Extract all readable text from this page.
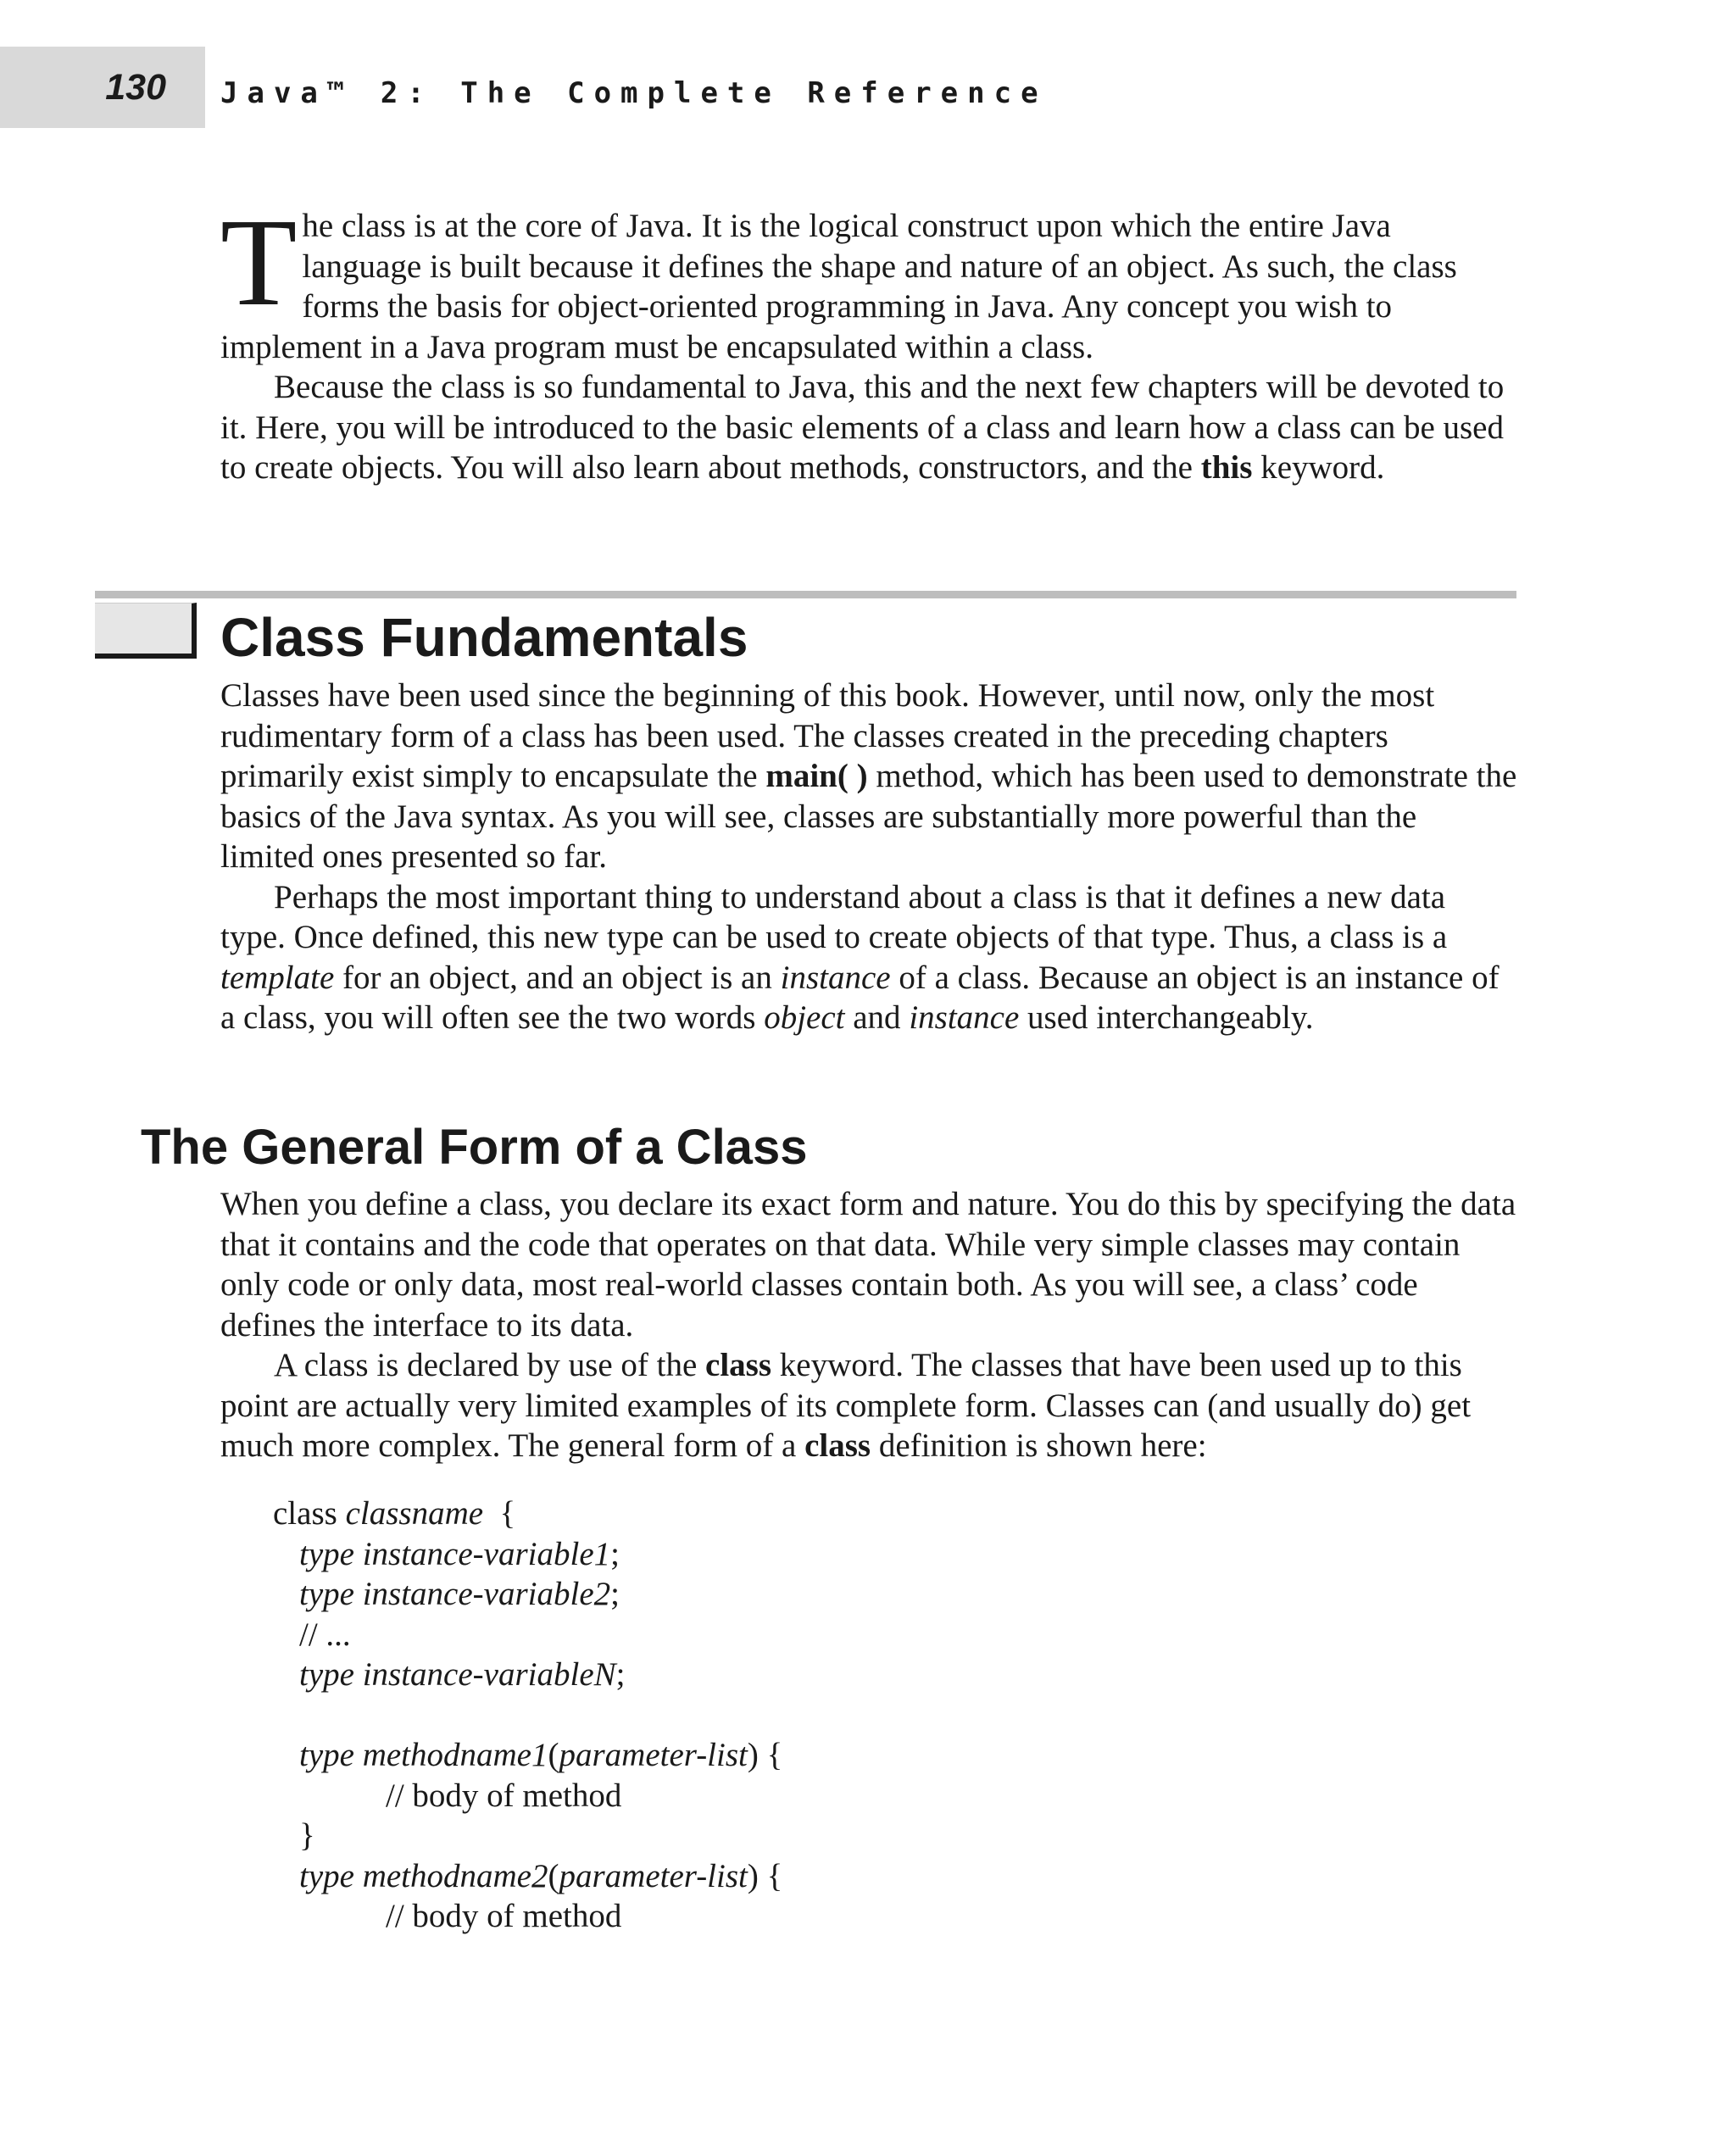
130 Java™ 2: The Complete Reference

The class is at the core of Java. It is the logical construct upon which the entire Java language is built because it defines the shape and nature of an object. As such, the class forms the basis for object-oriented programming in Java. Any concept you wish to implement in a Java program must be encapsulated within a class.

Because the class is so fundamental to Java, this and the next few chapters will be devoted to it. Here, you will be introduced to the basic elements of a class and learn how a class can be used to create objects. You will also learn about methods, constructors, and the this keyword.

Class Fundamentals

Classes have been used since the beginning of this book. However, until now, only the most rudimentary form of a class has been used. The classes created in the preceding chapters primarily exist simply to encapsulate the main( ) method, which has been used to demonstrate the basics of the Java syntax. As you will see, classes are substantially more powerful than the limited ones presented so far.

Perhaps the most important thing to understand about a class is that it defines a new data type. Once defined, this new type can be used to create objects of that type. Thus, a class is a template for an object, and an object is an instance of a class. Because an object is an instance of a class, you will often see the two words object and instance used interchangeably.

The General Form of a Class

When you define a class, you declare its exact form and nature. You do this by specifying the data that it contains and the code that operates on that data. While very simple classes may contain only code or only data, most real-world classes contain both. As you will see, a class’ code defines the interface to its data.

A class is declared by use of the class keyword. The classes that have been used up to this point are actually very limited examples of its complete form. Classes can (and usually do) get much more complex. The general form of a class definition is shown here:

class classname  {
type instance-variable1;
type instance-variable2;
// ...
type instance-variableN;
type methodname1(parameter-list) {
// body of method
}
type methodname2(parameter-list) {
// body of method
